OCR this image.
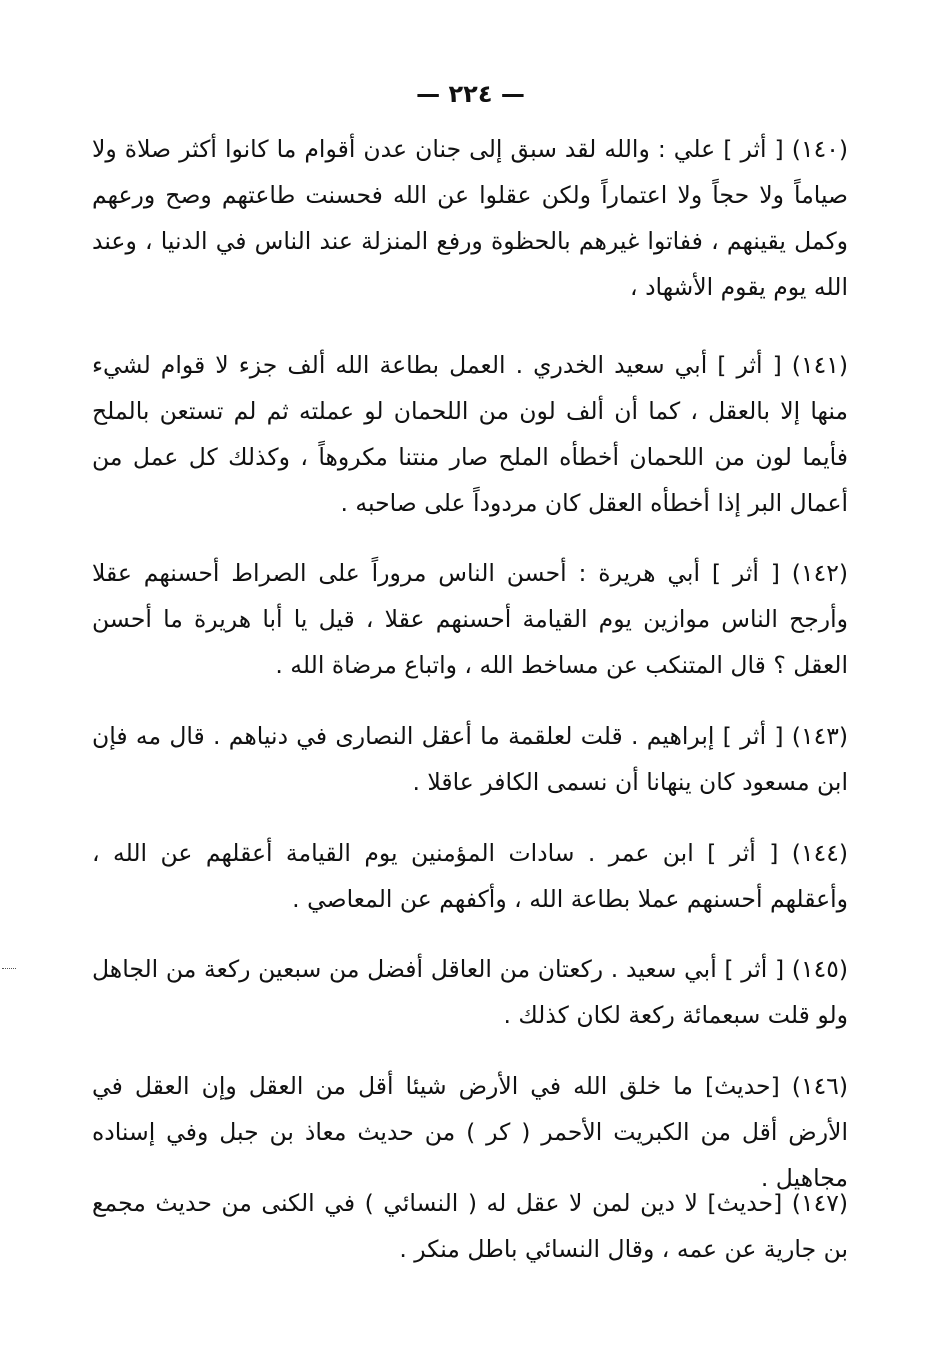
— ٢٢٤ —
(١٤٠) [ أثر ] علي : والله لقد سبق إلى جنان عدن أقوام ما كانوا أكثر صلاة ولا صياماً ولا حجاً ولا اعتماراً ولكن عقلوا عن الله فحسنت طاعتهم وصح ورعهم وكمل يقينهم ، ففاتوا غيرهم بالحظوة ورفع المنزلة عند الناس في الدنيا ، وعند الله يوم يقوم الأشهاد ،
(١٤١) [ أثر ] أبي سعيد الخدري . العمل بطاعة الله ألف جزء لا قوام لشيء منها إلا بالعقل ، كما أن ألف لون من اللحمان لو عملته ثم لم تستعن بالملح فأيما لون من اللحمان أخطأه الملح صار منتنا مكروهاً ، وكذلك كل عمل من أعمال البر إذا أخطأه العقل كان مردوداً على صاحبه .
(١٤٢) [ أثر ] أبي هريرة : أحسن الناس مروراً على الصراط أحسنهم عقلا وأرجح الناس موازين يوم القيامة أحسنهم عقلا ، قيل يا أبا هريرة ما أحسن العقل ؟ قال المتنكب عن مساخط الله ، واتباع مرضاة الله .
(١٤٣) [ أثر ] إبراهيم . قلت لعلقمة ما أعقل النصارى في دنياهم . قال مه فإن ابن مسعود كان ينهانا أن نسمى الكافر عاقلا .
(١٤٤) [ أثر ] ابن عمر . سادات المؤمنين يوم القيامة أعقلهم عن الله ، وأعقلهم أحسنهم عملا بطاعة الله ، وأكفهم عن المعاصي .
(١٤٥) [ أثر ] أبي سعيد . ركعتان من العاقل أفضل من سبعين ركعة من الجاهل ولو قلت سبعمائة ركعة لكان كذلك .
(١٤٦) [حديث] ما خلق الله في الأرض شيئا أقل من العقل وإن العقل في الأرض أقل من الكبريت الأحمر ( كر ) من حديث معاذ بن جبل وفي إسناده مجاهيل .
(١٤٧) [حديث] لا دين لمن لا عقل له ( النسائي ) في الكنى من حديث مجمع بن جارية عن عمه ، وقال النسائي باطل منكر .
